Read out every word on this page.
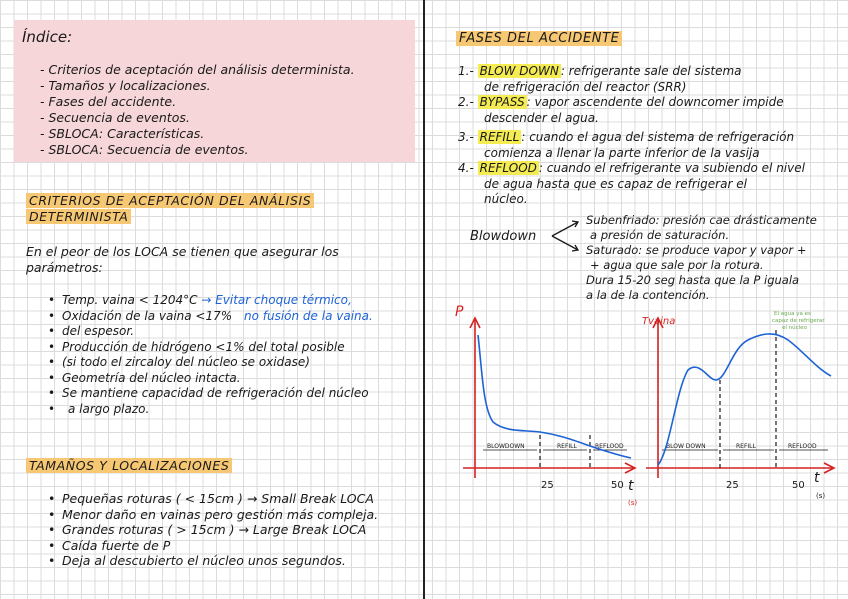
Índice:
- Criterios de aceptación del análisis determinista.
- Tamaños y localizaciones.
- Fases del accidente.
- Secuencia de eventos.
- SBLOCA: Características.
- SBLOCA: Secuencia de eventos.
CRITERIOS DE ACEPTACIÓN DEL ANÁLISIS
DETERMINISTA
En el peor de los LOCA se tienen que asegurar los
parámetros:
• Temp. vaina < 1204°C → Evitar choque térmico,
• Oxidación de la vaina <17% no fusión de la vaina.
• del espesor.
• Producción de hidrógeno <1% del total posible
• (si todo el zircaloy del núcleo se oxidase)
• Geometría del núcleo intacta.
• Se mantiene capacidad de refrigeración del núcleo
• a largo plazo.
TAMAÑOS Y LOCALIZACIONES
• Pequeñas roturas ( < 15cm ) → Small Break LOCA
• Menor daño en vainas pero gestión más compleja.
• Grandes roturas ( > 15cm ) → Large Break LOCA
• Caída fuerte de P
• Deja al descubierto el núcleo unos segundos.
FASES DEL ACCIDENTE
1.- BLOW DOWN : refrigerante sale del sistema
de refrigeración del reactor (SRR)
2.- BYPASS : vapor ascendente del downcomer impide
descender el agua.
3.- REFILL : cuando el agua del sistema de refrigeración
comienza a llenar la parte inferior de la vasija
4.- REFLOOD : cuando el refrigerante va subiendo el nivel
de agua hasta que es capaz de refrigerar el
núcleo.
Blowdown
Subenfriado: presión cae drásticamente
a presión de saturación.
Saturado: se produce vapor y vapor +
+ agua que sale por la rotura.
Dura 15-20 seg hasta que la P iguala
a la de la contención.
P
t
25	50
(s)
BLOWDOWN	REFILL	REFLOOD
Tvaina
t
25	50
(s)
BLOW DOWN	REFILL	REFLOOD
El agua ya es
capaz de refrigerar
el núcleo
